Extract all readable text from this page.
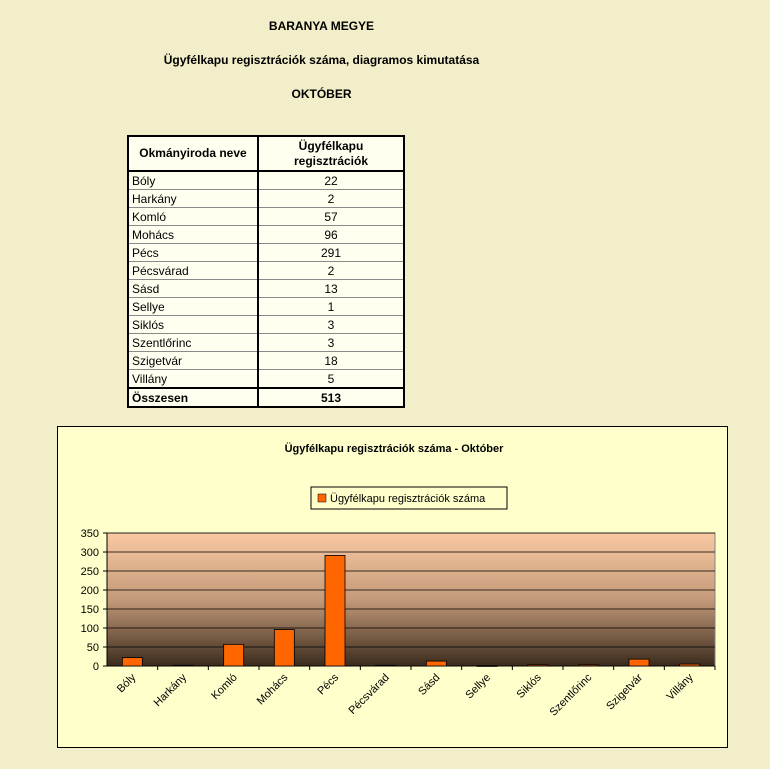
BARANYA MEGYE
Ügyfélkapu regisztrációk száma, diagramos kimutatása
OKTÓBER
Okmányiroda neve	Ügyfélkapu regisztrációk
Bóly	22
Harkány	2
Komló	57
Mohács	96
Pécs	291
Pécsvárad	2
Sásd	13
Sellye	1
Siklós	3
Szentlőrinc	3
Szigetvár	18
Villány	5
Összesen	513
Ügyfélkapu regisztrációk száma - Október
Ügyfélkapu regisztrációk száma
0
50
100
150
200
250
300
350
Bóly Harkány Komló Mohács Pécs Pécsvárad Sásd Sellye Siklós Szentlőrinc Szigetvár Villány
